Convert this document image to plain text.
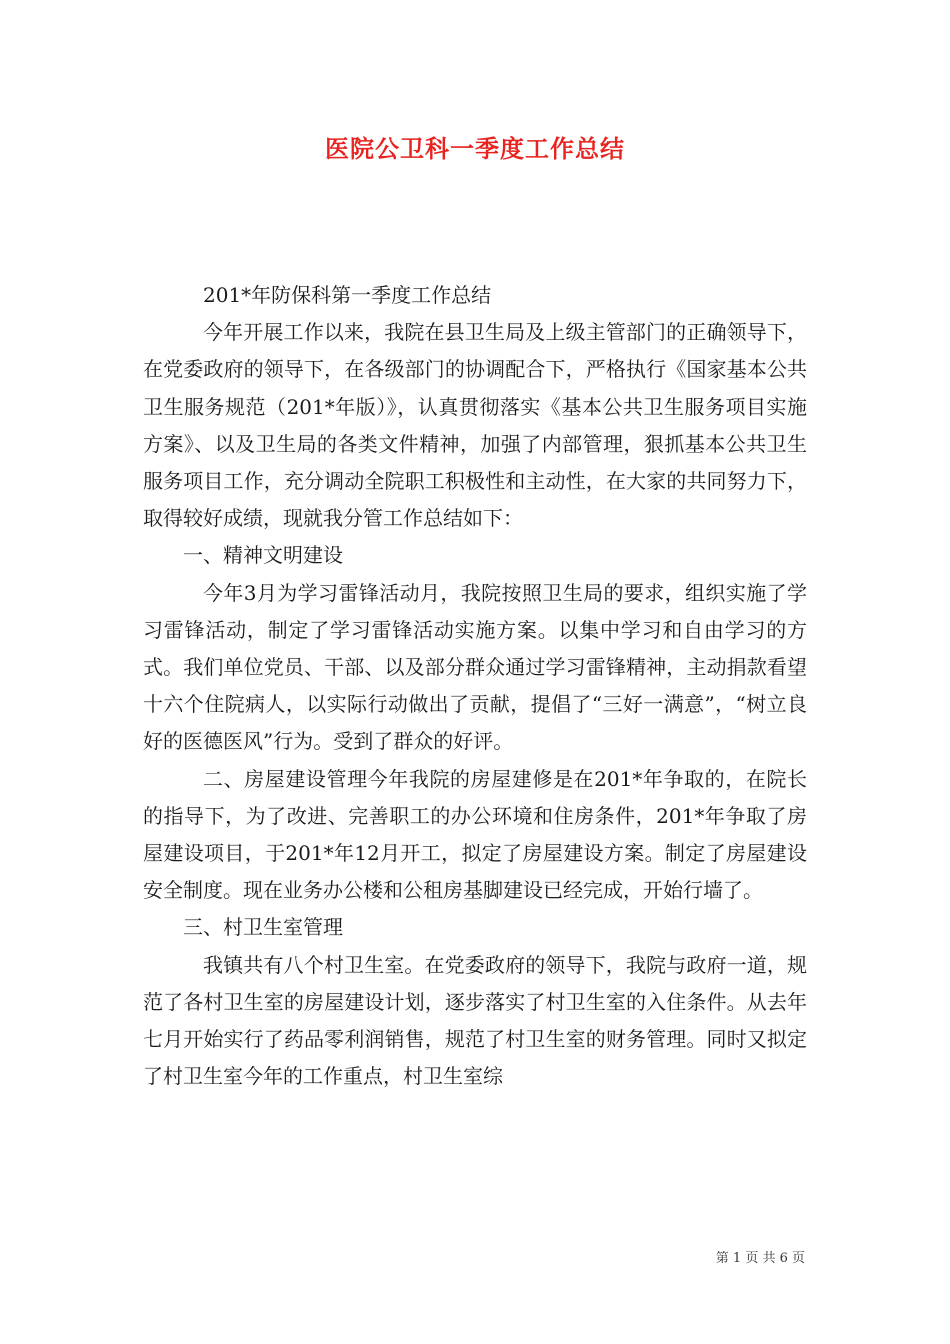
医院公卫科一季度工作总结

201*年防保科第一季度工作总结

今年开展工作以来，我院在县卫生局及上级主管部门的正确领导下，在党委政府的领导下，在各级部门的协调配合下，严格执行《国家基本公共卫生服务规范（201*年版）》，认真贯彻落实《基本公共卫生服务项目实施方案》、以及卫生局的各类文件精神，加强了内部管理，狠抓基本公共卫生服务项目工作，充分调动全院职工积极性和主动性，在大家的共同努力下，取得较好成绩，现就我分管工作总结如下：

一、精神文明建设

今年3月为学习雷锋活动月，我院按照卫生局的要求，组织实施了学习雷锋活动，制定了学习雷锋活动实施方案。以集中学习和自由学习的方式。我们单位党员、干部、以及部分群众通过学习雷锋精神，主动捐款看望十六个住院病人，以实际行动做出了贡献，提倡了“三好一满意”，“树立良好的医德医风”行为。受到了群众的好评。

二、房屋建设管理今年我院的房屋建修是在201*年争取的，在院长的指导下，为了改进、完善职工的办公环境和住房条件，201*年争取了房屋建设项目，于201*年12月开工，拟定了房屋建设方案。制定了房屋建设安全制度。现在业务办公楼和公租房基脚建设已经完成，开始行墙了。

三、村卫生室管理

我镇共有八个村卫生室。在党委政府的领导下，我院与政府一道，规范了各村卫生室的房屋建设计划，逐步落实了村卫生室的入住条件。从去年七月开始实行了药品零利润销售，规范了村卫生室的财务管理。同时又拟定了村卫生室今年的工作重点，村卫生室综

第 1 页 共 6 页
